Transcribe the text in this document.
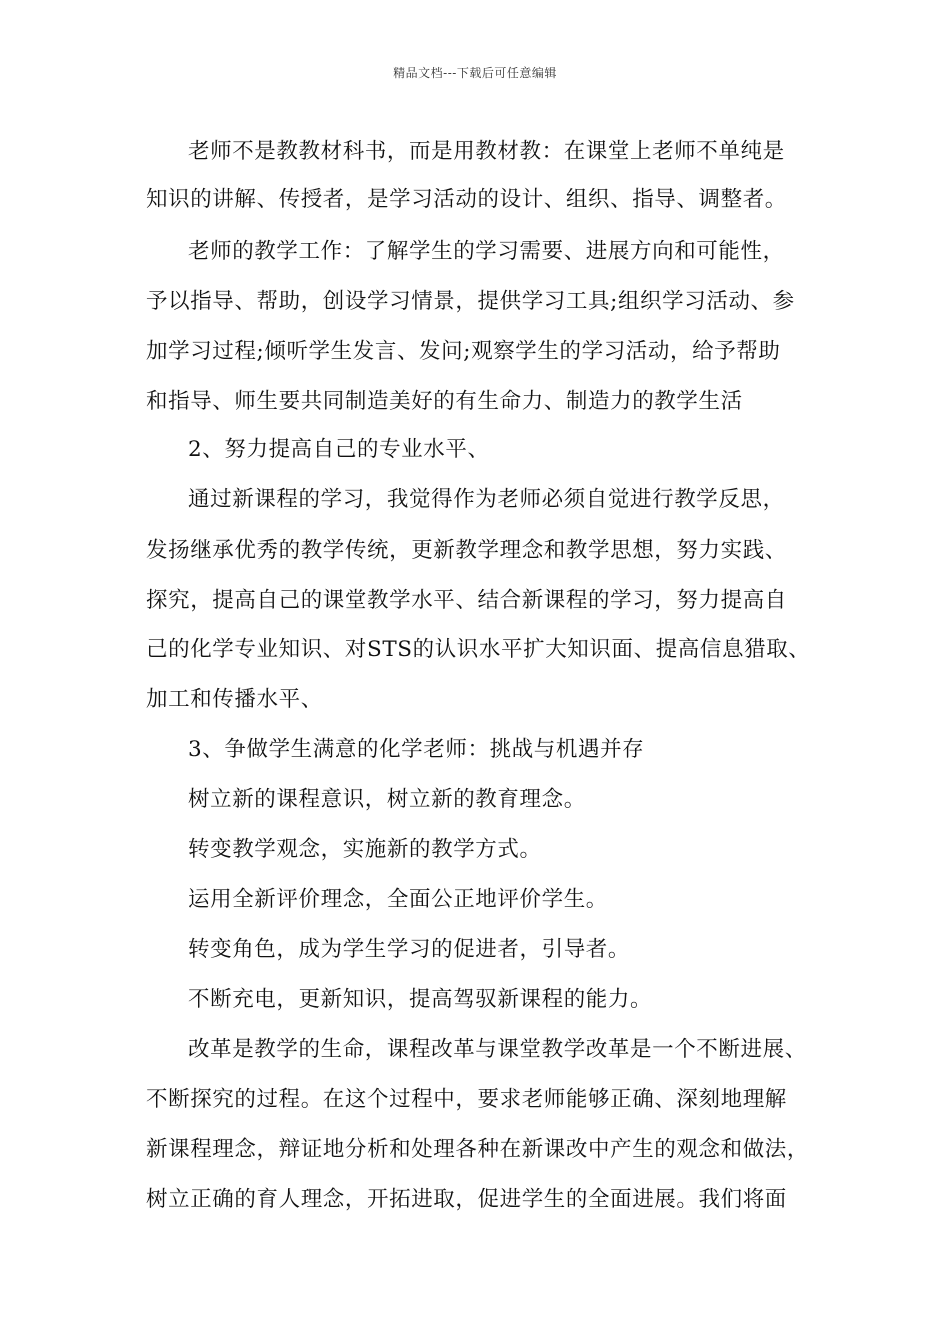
精品文档---下载后可任意编辑
老师不是教教材科书，而是用教材教：在课堂上老师不单纯是
知识的讲解、传授者，是学习活动的设计、组织、指导、调整者。
老师的教学工作：了解学生的学习需要、进展方向和可能性，
予以指导、帮助，创设学习情景，提供学习工具;组织学习活动、参
加学习过程;倾听学生发言、发问;观察学生的学习活动，给予帮助
和指导、师生要共同制造美好的有生命力、制造力的教学生活
2、努力提高自己的专业水平、
通过新课程的学习，我觉得作为老师必须自觉进行教学反思，
发扬继承优秀的教学传统，更新教学理念和教学思想，努力实践、
探究，提高自己的课堂教学水平、结合新课程的学习，努力提高自
己的化学专业知识、对STS的认识水平扩大知识面、提高信息猎取、
加工和传播水平、
3、争做学生满意的化学老师：挑战与机遇并存
树立新的课程意识，树立新的教育理念。
转变教学观念，实施新的教学方式。
运用全新评价理念，全面公正地评价学生。
转变角色，成为学生学习的促进者，引导者。
不断充电，更新知识，提高驾驭新课程的能力。
改革是教学的生命，课程改革与课堂教学改革是一个不断进展、
不断探究的过程。在这个过程中，要求老师能够正确、深刻地理解
新课程理念，辩证地分析和处理各种在新课改中产生的观念和做法，
树立正确的育人理念，开拓进取，促进学生的全面进展。我们将面
